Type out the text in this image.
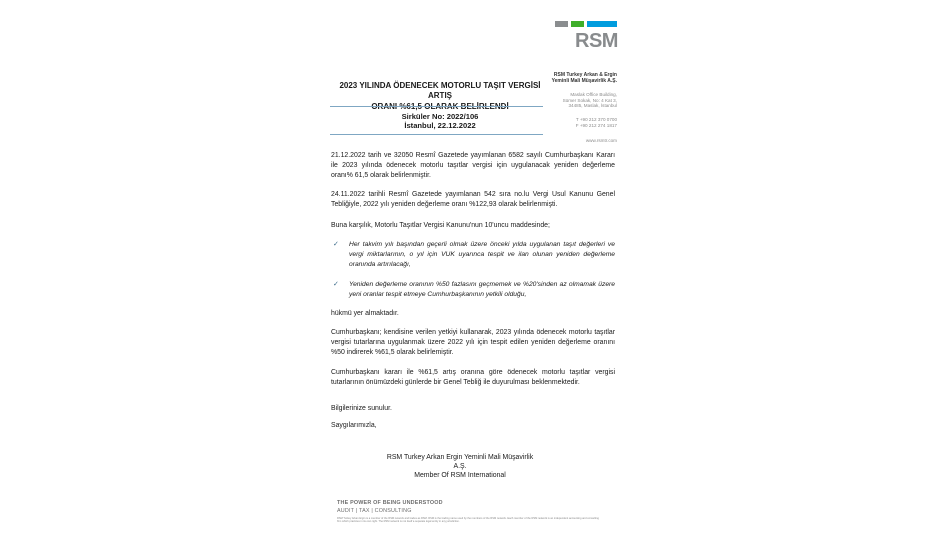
RSM
RSM Turkey Arkan & Ergin
Yeminli Mali Müşavirlik A.Ş.
Maslak Office Building,
Sümer Sokak, No: 4 Kat 3,
34485, Maslak, İstanbul
T +90 212 370 0700
F +90 212 274 1817
www.rsmtr.com
2023 YILINDA ÖDENECEK MOTORLU TAŞIT VERGİSİ ARTIŞ
ORANI %61,5 OLARAK BELİRLENDİ
Sirküler No: 2022/106
İstanbul, 22.12.2022
21.12.2022 tarih ve 32050 Resmî Gazetede yayımlanan 6582 sayılı Cumhurbaşkanı Kararı ile 2023 yılında ödenecek motorlu taşıtlar vergisi için uygulanacak yeniden değerleme oranı% 61,5 olarak belirlenmiştir.
24.11.2022 tarihli Resmî Gazetede yayımlanan 542 sıra no.lu Vergi Usul Kanunu Genel Tebliğiyle, 2022 yılı yeniden değerleme oranı %122,93 olarak belirlenmişti.
Buna karşılık, Motorlu Taşıtlar Vergisi Kanunu'nun 10'uncu maddesinde;
✓	Her takvim yılı başından geçerli olmak üzere önceki yılda uygulanan taşıt değerleri ve vergi miktarlarının, o yıl için VUK uyarınca tespit ve ilan olunan yeniden değerleme oranında artırılacağı,
✓	Yeniden değerleme oranının %50 fazlasını geçmemek ve %20'sinden az olmamak üzere yeni oranlar tespit etmeye Cumhurbaşkanının yetkili olduğu,
hükmü yer almaktadır.
Cumhurbaşkanı; kendisine verilen yetkiyi kullanarak, 2023 yılında ödenecek motorlu taşıtlar vergisi tutarlarına uygulanmak üzere 2022 yılı için tespit edilen yeniden değerleme oranını %50 indirerek %61,5 olarak belirlemiştir.
Cumhurbaşkanı kararı ile %61,5 artış oranına göre ödenecek motorlu taşıtlar vergisi tutarlarının önümüzdeki günlerde bir Genel Tebliğ ile duyurulması beklenmektedir.
Bilgilerinize sunulur.
Saygılarımızla,
RSM Turkey Arkan Ergin Yeminli Mali Müşavirlik A.Ş.
Member Of RSM International
THE POWER OF BEING UNDERSTOOD
AUDIT | TAX | CONSULTING
RSM Turkey Arkan Ergin is a member of the RSM network and trades as RSM. RSM is the trading name used by the members of the RSM network. Each member of the RSM network is an independent accounting and consulting firm which practices in its own right. The RSM network is not itself a separate legal entity in any jurisdiction.
